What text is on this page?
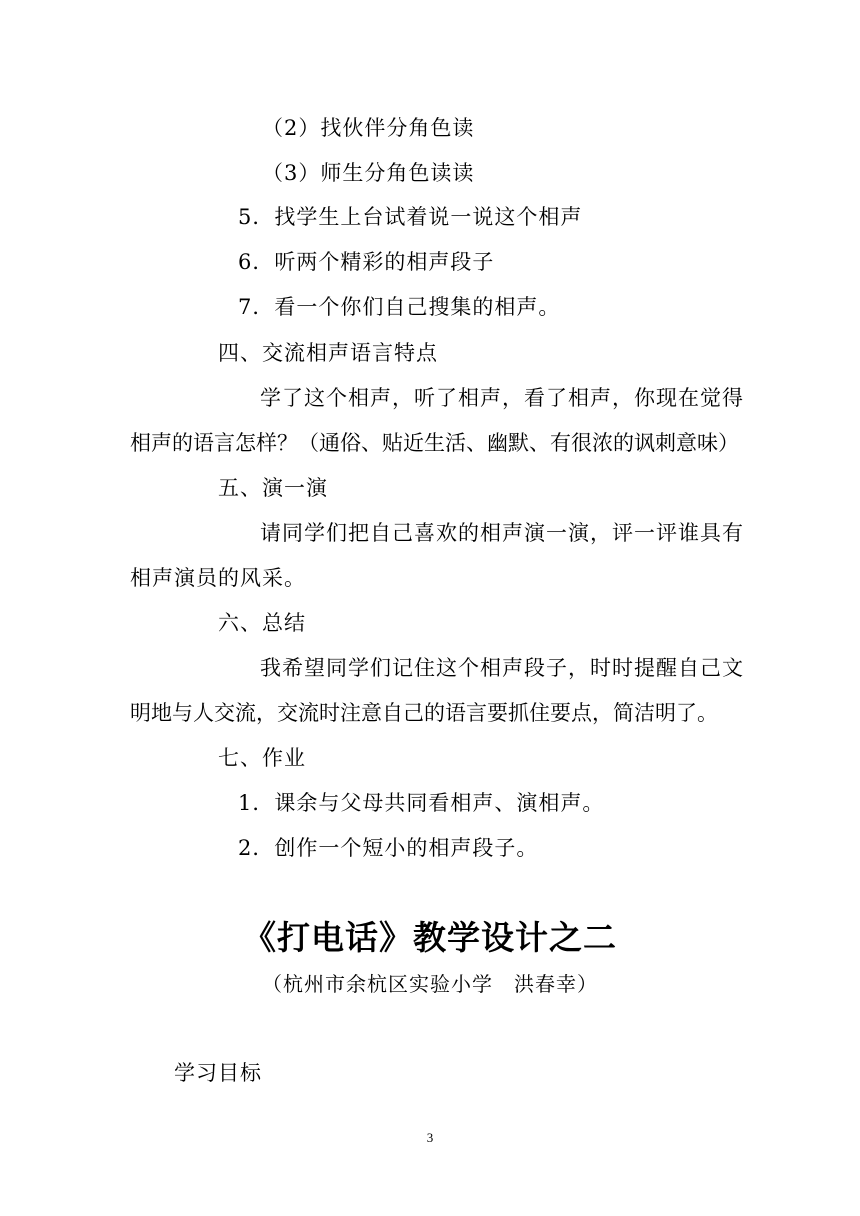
（2）找伙伴分角色读
（3）师生分角色读读
5．找学生上台试着说一说这个相声
6．听两个精彩的相声段子
7．看一个你们自己搜集的相声。
四、交流相声语言特点
学了这个相声，听了相声，看了相声，你现在觉得
相声的语言怎样？（通俗、贴近生活、幽默、有很浓的讽刺意味）
五、演一演
请同学们把自己喜欢的相声演一演，评一评谁具有
相声演员的风采。
六、总结
我希望同学们记住这个相声段子，时时提醒自己文
明地与人交流，交流时注意自己的语言要抓住要点，简洁明了。
七、作业
1．课余与父母共同看相声、演相声。
2．创作一个短小的相声段子。
《打电话》教学设计之二
（杭州市余杭区实验小学　洪春幸）
学习目标
3
